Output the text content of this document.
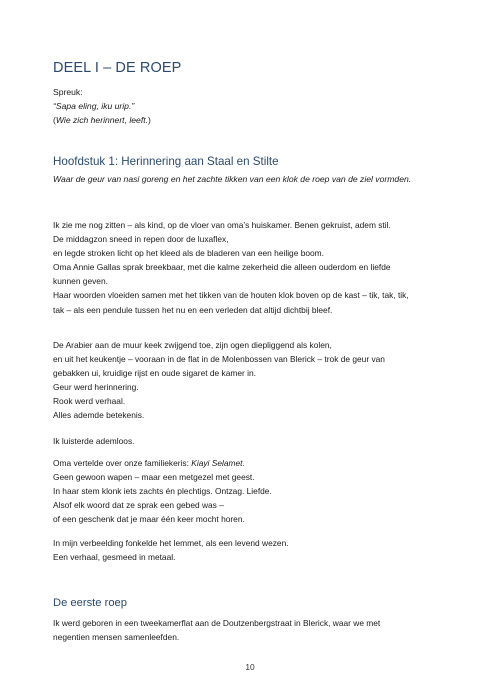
DEEL I – DE ROEP
Spreuk:
“Sapa eling, iku urip.”
(Wie zich herinnert, leeft.)
Hoofdstuk 1: Herinnering aan Staal en Stilte

Waar de geur van nasi goreng en het zachte tikken van een klok de roep van de ziel vormden.

Ik zie me nog zitten – als kind, op de vloer van oma’s huiskamer. Benen gekruist, adem stil.

De middagzon sneed in repen door de luxaflex,

en legde stroken licht op het kleed als de bladeren van een heilige boom.

Oma Annie Gallas sprak breekbaar, met die kalme zekerheid die alleen ouderdom en liefde

kunnen geven.

Haar woorden vloeiden samen met het tikken van de houten klok boven op de kast – tik, tak, tik,

tak – als een pendule tussen het nu en een verleden dat altijd dichtbij bleef.

De Arabier aan de muur keek zwijgend toe, zijn ogen diepliggend als kolen,

en uit het keukentje – vooraan in de flat in de Molenbossen van Blerick – trok de geur van

gebakken ui, kruidige rijst en oude sigaret de kamer in.

Geur werd herinnering.

Rook werd verhaal.

Alles ademde betekenis.

Ik luisterde ademloos.

Oma vertelde over onze familiekeris: Kiayi Selamet.

Geen gewoon wapen – maar een metgezel met geest.

In haar stem klonk iets zachts én plechtigs. Ontzag. Liefde.

Alsof elk woord dat ze sprak een gebed was –

of een geschenk dat je maar één keer mocht horen.

In mijn verbeelding fonkelde het lemmet, als een levend wezen.

Een verhaal, gesmeed in metaal.

De eerste roep

Ik werd geboren in een tweekamerflat aan de Doutzenbergstraat in Blerick, waar we met

negentien mensen samenleefden.

10
